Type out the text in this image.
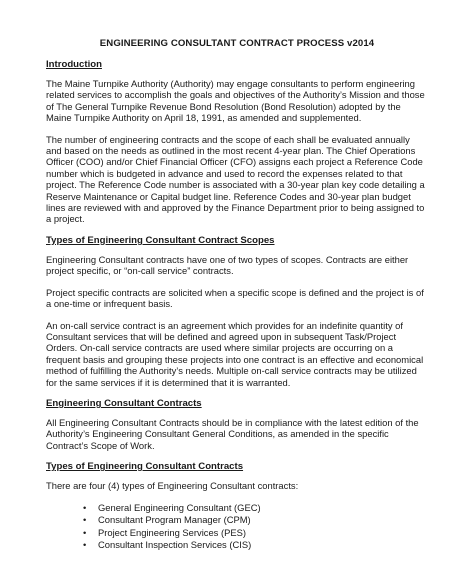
ENGINEERING CONSULTANT CONTRACT PROCESS v2014
Introduction

The Maine Turnpike Authority (Authority) may engage consultants to perform engineering related services to accomplish the goals and objectives of the Authority’s Mission and those of The General Turnpike Revenue Bond Resolution (Bond Resolution) adopted by the Maine Turnpike Authority on April 18, 1991, as amended and supplemented.

The number of engineering contracts and the scope of each shall be evaluated annually and based on the needs as outlined in the most recent 4-year plan. The Chief Operations Officer (COO) and/or Chief Financial Officer (CFO) assigns each project a Reference Code number which is budgeted in advance and used to record the expenses related to that project. The Reference Code number is associated with a 30-year plan key code detailing a Reserve Maintenance or Capital budget line. Reference Codes and 30-year plan budget lines are reviewed with and approved by the Finance Department prior to being assigned to a project.

Types of Engineering Consultant Contract Scopes

Engineering Consultant contracts have one of two types of scopes. Contracts are either project specific, or “on-call service” contracts.

Project specific contracts are solicited when a specific scope is defined and the project is of a one-time or infrequent basis.

An on-call service contract is an agreement which provides for an indefinite quantity of Consultant services that will be defined and agreed upon in subsequent Task/Project Orders. On-call service contracts are used where similar projects are occurring on a frequent basis and grouping these projects into one contract is an effective and economical method of fulfilling the Authority’s needs. Multiple on-call service contracts may be utilized for the same services if it is determined that it is warranted.

Engineering Consultant Contracts

All Engineering Consultant Contracts should be in compliance with the latest edition of the Authority’s Engineering Consultant General Conditions, as amended in the specific Contract’s Scope of Work.

Types of Engineering Consultant Contracts

There are four (4) types of Engineering Consultant contracts:

• General Engineering Consultant (GEC)
• Consultant Program Manager (CPM)
• Project Engineering Services (PES)
• Consultant Inspection Services (CIS)
